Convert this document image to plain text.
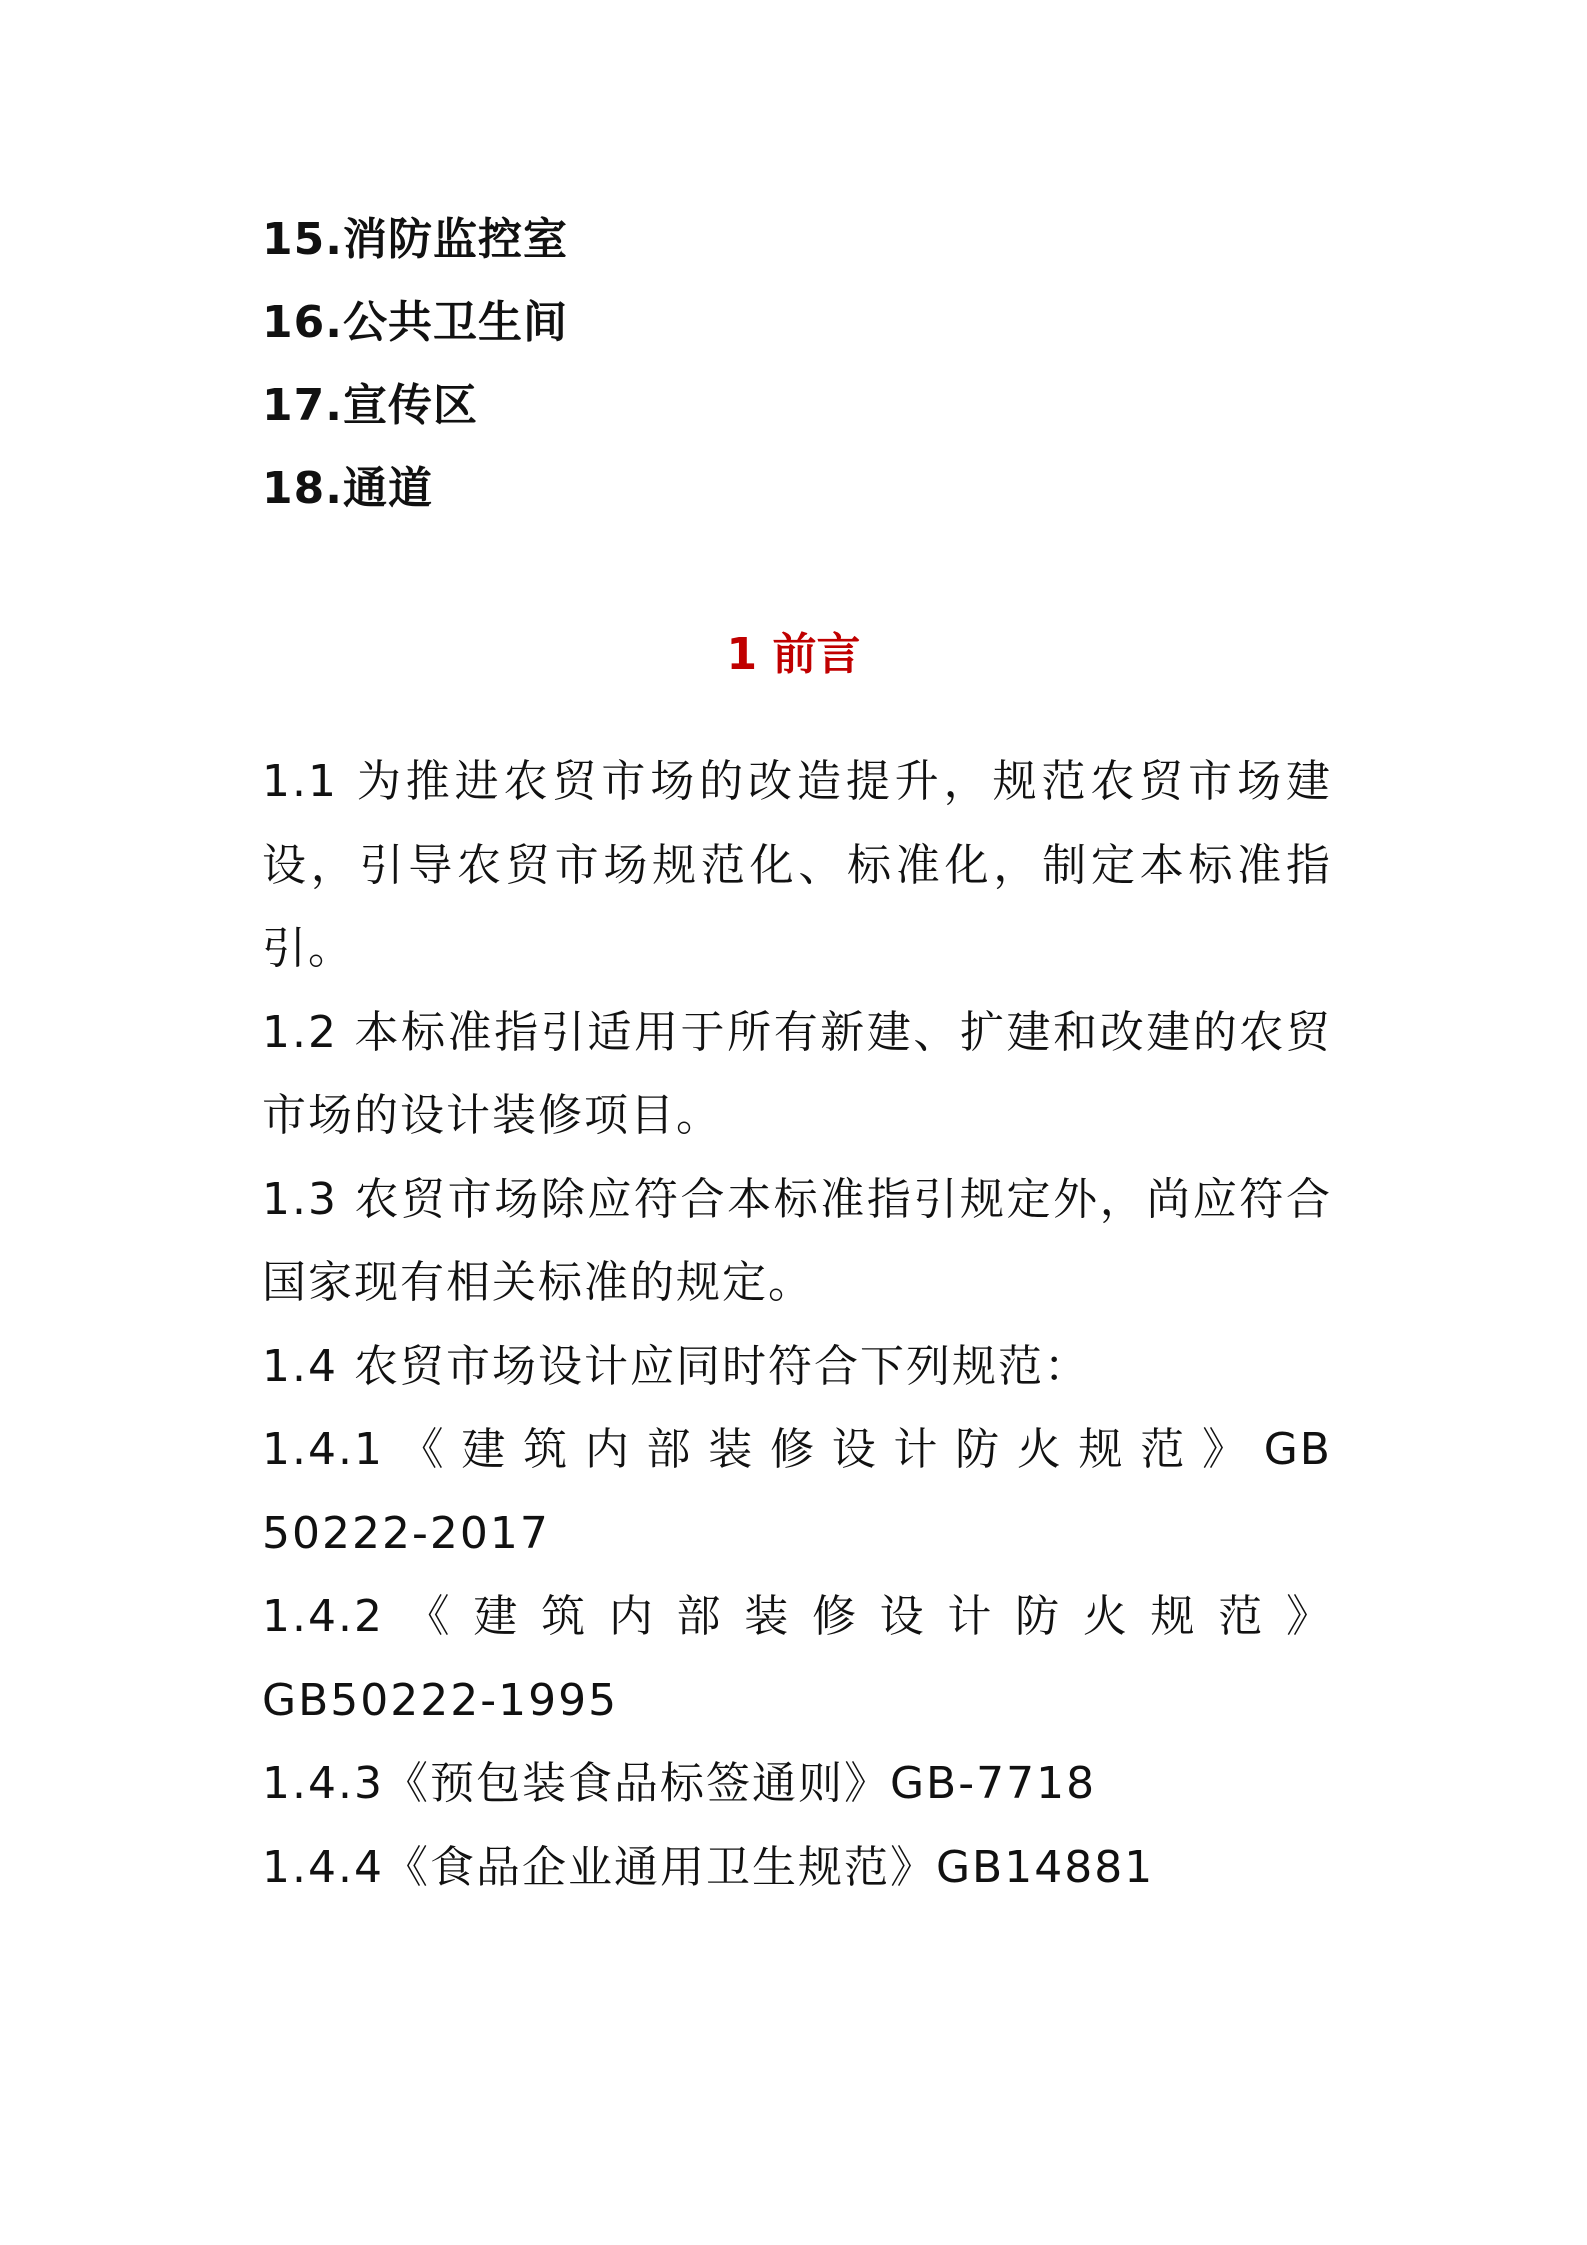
15.消防监控室
16.公共卫生间
17.宣传区
18.通道
1 前言

1.1 为推进农贸市场的改造提升，规范农贸市场建设，引导农贸市场规范化、标准化，制定本标准指引。

1.2 本标准指引适用于所有新建、扩建和改建的农贸市场的设计装修项目。

1.3 农贸市场除应符合本标准指引规定外，尚应符合国家现有相关标准的规定。

1.4 农贸市场设计应同时符合下列规范：

1.4.1《建筑内部装修设计防火规范》GB
50222-2017

1.4.2《建筑内部装修设计防火规范》
GB50222-1995

1.4.3《预包装食品标签通则》GB-7718

1.4.4《食品企业通用卫生规范》GB14881
